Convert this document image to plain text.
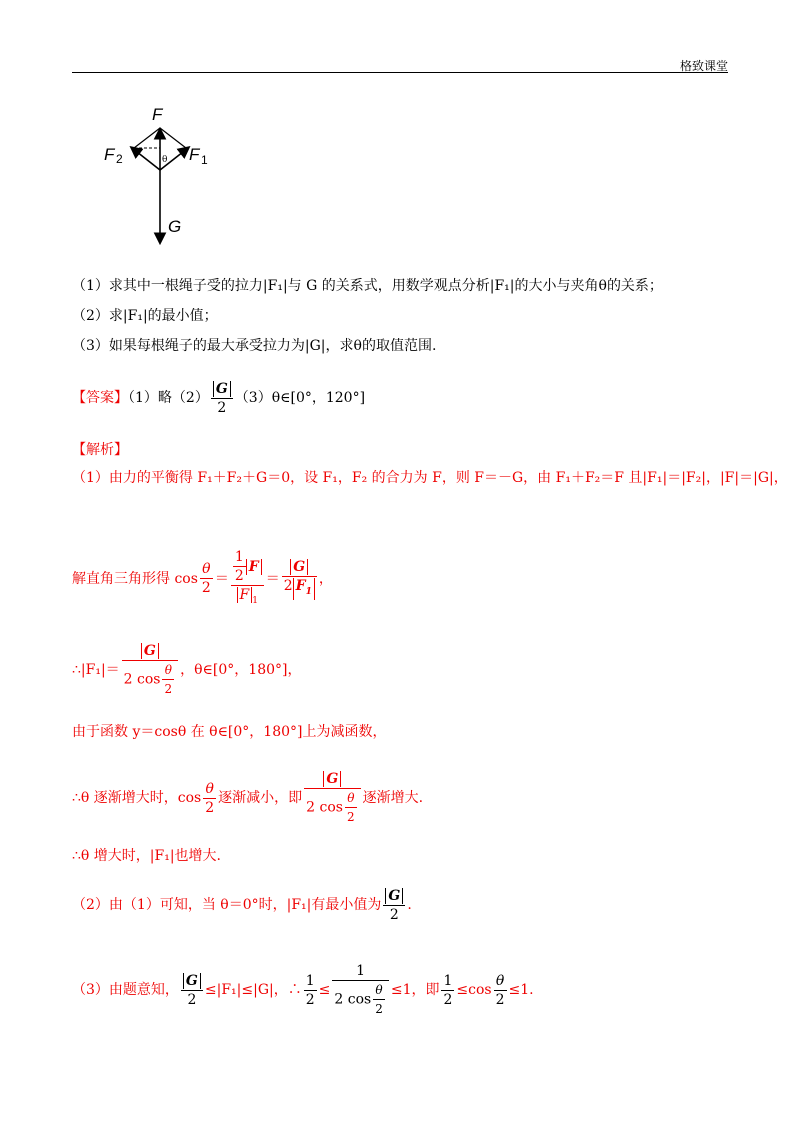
格致课堂
F
F 2	F 1
θ
G
（1）求其中一根绳子受的拉力|F₁|与 G 的关系式，用数学观点分析|F₁|的大小与夹角θ的关系；
（2）求|F₁|的最小值；
（3）如果每根绳子的最大承受拉力为|G|，求θ的取值范围.
【答案】（1）略$(2) \frac{G}{2}$ （3）θ∈[0°，120°]
【解析】
（1）由力的平衡得 F₁＋F₂＋G＝0，设 F₁，F₂ 的合力为 F，则 F＝－G，由 F₁＋F₂＝F 且|F₁|＝|F₂|，|F|＝|G|，
解直角三角形得 $\cos \frac{\theta}{2} = \frac{\frac{1}{2} F}{F _1} = \frac{G}{2 F_1}$ ，
∴|F₁|＝ $\frac{G}{2 \cos \frac{\theta}{2}}$ ，θ∈[0°，180°]，
由于函数 y＝cosθ 在 θ∈[0°，180°]上为减函数，
∴θ 逐渐增大时，$\cos \frac{\theta}{2}$ 逐渐减小，即 $\frac{G}{2 \cos \frac{\theta}{2}}$ 逐渐增大.
∴θ 增大时，|F₁|也增大.
（2）由（1）可知，当 θ＝0°时，|F₁|有最小值为 $\frac{G}{2}$ .
（3）由题意知， $\frac{G}{2} \le|F_1|\le|G|$，∴ $\frac{1}{2} \le \frac{1}{2 \cos \frac{\theta}{2}} \le 1$，即 $\frac{1}{2} \le\cos \frac{\theta}{2} \le 1$.
